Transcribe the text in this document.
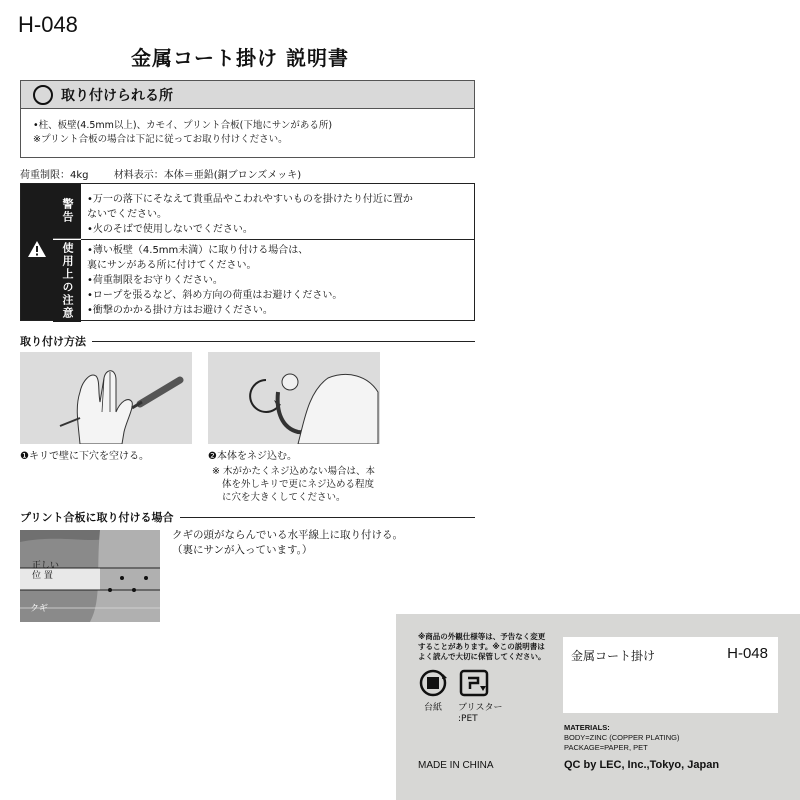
H-048
金属コート掛け 説明書
取り付けられる所
•柱、板壁(4.5mm以上)、カモイ、プリント合板(下地にサンがある所)
※プリント合板の場合は下記に従ってお取り付けください。
荷重制限：4kg	材料表示：本体＝亜鉛(銅ブロンズメッキ)
警告
使用上の注意
•万一の落下にそなえて貴重品やこわれやすいものを掛けたり付近に置か
ないでください。
•火のそばで使用しないでください。
•薄い板壁（4.5mm未満）に取り付ける場合は、
裏にサンがある所に付けてください。
•荷重制限をお守りください。
•ロープを張るなど、斜め方向の荷重はお避けください。
•衝撃のかかる掛け方はお避けください。
取り付け方法
❶キリで壁に下穴を空ける。	❷本体をネジ込む。
※ 木がかたくネジ込めない場合は、本
体を外しキリで更にネジ込める程度
に穴を大きくしてください。
プリント合板に取り付ける場合
正しい
位 置
クギ
クギの頭がならんでいる水平線上に取り付ける。
（裏にサンが入っています。）
※商品の外観仕様等は、予告なく変更
することがあります。※この説明書は
よく読んで大切に保管してください。
台紙 ブリスター
:PET
金属コート掛け	H-048
MATERIALS:
BODY=ZINC (COPPER PLATING)
PACKAGE=PAPER, PET
MADE IN CHINA	QC by LEC, Inc.,Tokyo, Japan
